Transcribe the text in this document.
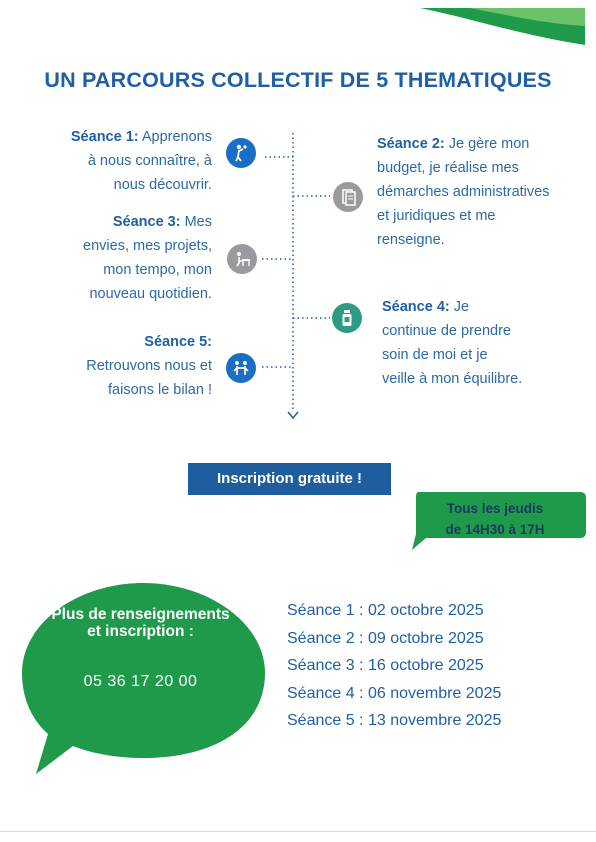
UN PARCOURS COLLECTIF DE 5 THEMATIQUES
Séance 1: Apprenons
à nous connaître, à
nous découvrir.
Séance 2: Je gère mon
budget, je réalise mes
démarches administratives
et juridiques et me
renseigne.
Séance 3: Mes
envies, mes projets,
mon tempo, mon
nouveau quotidien.
Séance 4: Je
continue de prendre
soin de moi et je
veille à mon équilibre.
Séance 5:
Retrouvons nous et
faisons le bilan !
Inscription gratuite !
Tous les jeudis
de 14H30 à 17H
Plus de renseignements et inscription :
05 36 17 20 00
Séance 1 : 02 octobre 2025
Séance 2 : 09 octobre 2025
Séance 3 : 16 octobre 2025
Séance 4 : 06 novembre 2025
Séance 5 : 13 novembre 2025
